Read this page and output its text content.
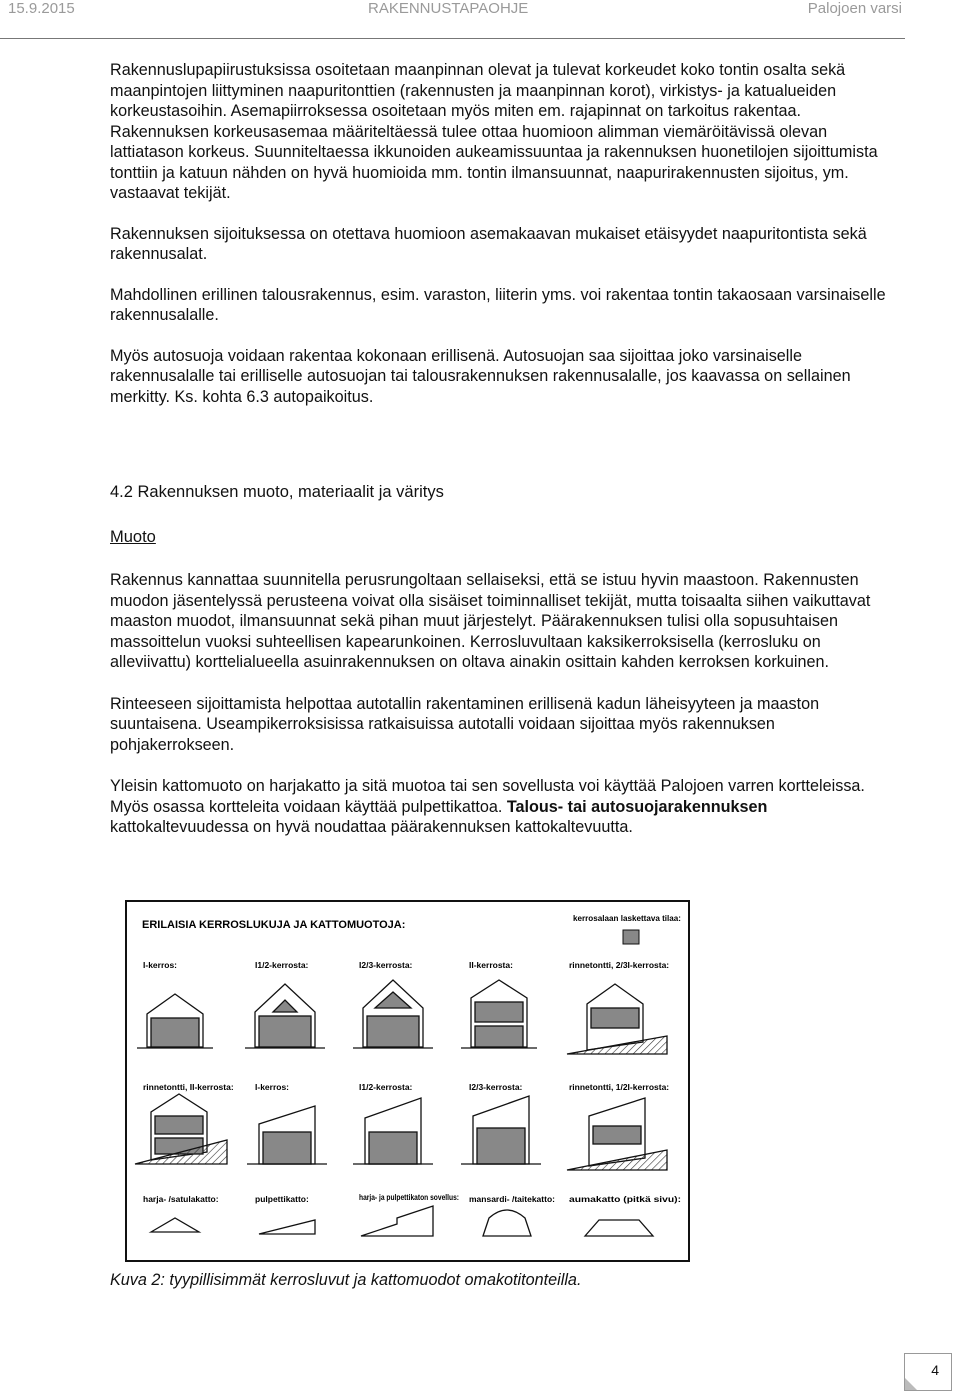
15.9.2015	RAKENNUSTAPAOHJE	Palojoen varsi

Rakennuslupapiirustuksissa osoitetaan maanpinnan olevat ja tulevat korkeudet koko tontin osalta sekä maanpintojen liittyminen naapuritonttien (rakennusten ja maanpinnan korot), virkistys- ja katualueiden korkeustasoihin. Asemapiirroksessa osoitetaan myös miten em. rajapinnat on tarkoitus rakentaa. Rakennuksen korkeusasemaa määriteltäessä tulee ottaa huomioon alimman viemäröitävissä olevan lattiatason korkeus. Suunniteltaessa ikkunoiden aukeamissuuntaa ja rakennuksen huonetilojen sijoittumista tonttiin ja katuun nähden on hyvä huomioida mm. tontin ilmansuunnat, naapurirakennusten sijoitus, ym. vastaavat tekijät.

Rakennuksen sijoituksessa on otettava huomioon asemakaavan mukaiset etäisyydet naapuritontista sekä rakennusalat.

Mahdollinen erillinen talousrakennus, esim. varaston, liiterin yms. voi rakentaa tontin takaosaan varsinaiselle rakennusalalle.

Myös autosuoja voidaan rakentaa kokonaan erillisenä. Autosuojan saa sijoittaa joko varsinaiselle rakennusalalle tai erilliselle autosuojan tai talousrakennuksen rakennusalalle, jos kaavassa on sellainen merkitty. Ks. kohta 6.3 autopaikoitus.

4.2 Rakennuksen muoto, materiaalit ja väritys
Muoto

Rakennus kannattaa suunnitella perusrungoltaan sellaiseksi, että se istuu hyvin maastoon. Rakennusten muodon jäsentelyssä perusteena voivat olla sisäiset toiminnalliset tekijät, mutta toisaalta siihen vaikuttavat maaston muodot, ilmansuunnat sekä pihan muut järjestelyt. Päärakennuksen tulisi olla sopusuhtaisen massoittelun vuoksi suhteellisen kapearunkoinen. Kerrosluvultaan kaksikerroksisella (kerrosluku on alleviivattu) korttelialueella asuinrakennuksen on oltava ainakin osittain kahden kerroksen korkuinen.

Rinteeseen sijoittamista helpottaa autotallin rakentaminen erillisenä kadun läheisyyteen ja maaston suuntaisena. Useampikerroksisissa ratkaisuissa autotalli voidaan sijoittaa myös rakennuksen pohjakerrokseen.

Yleisin kattomuoto on harjakatto ja sitä muotoa tai sen sovellusta voi käyttää Palojoen varren kortteleissa. Myös osassa kortteleita voidaan käyttää pulpettikattoa. Talous- tai autosuojarakennuksen kattokaltevuudessa on hyvä noudattaa päärakennuksen kattokaltevuutta.

ERILAISIA KERROSLUKUJA JA KATTOMUOTOJA:
kerrosalaan laskettava tilaa:
I-kerros:	I1/2-kerrosta:	I2/3-kerrosta:	II-kerrosta:	rinnetontti, 2/3I-kerrosta:
rinnetontti, II-kerrosta:	I-kerros:	I1/2-kerrosta:	I2/3-kerrosta:	rinnetontti, 1/2I-kerrosta:
harja- /satulakatto:	pulpettikatto:	harja- ja pulpettikaton sovellus: mansardi- /taitekatto: aumakatto (pitkä sivu):
Kuva 2: tyypillisimmät kerrosluvut ja kattomuodot omakotitonteilla.
4
